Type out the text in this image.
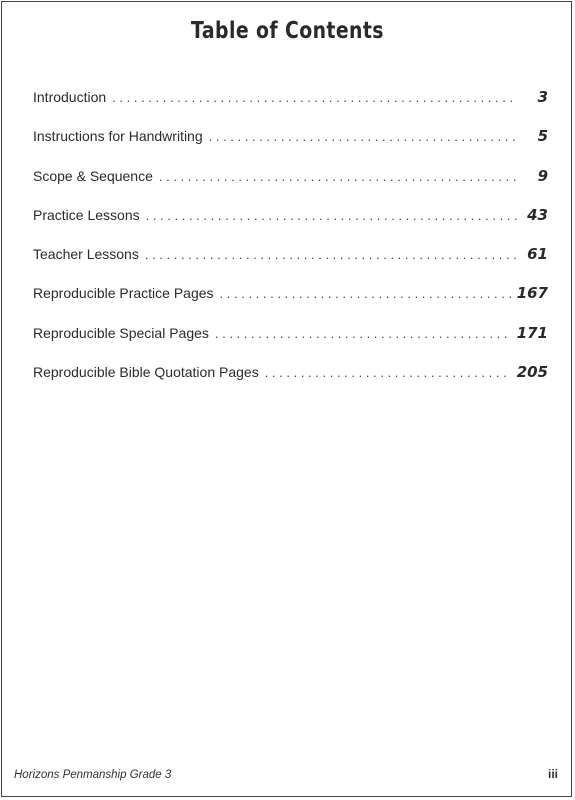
Table of Contents
Introduction . . .	3
Instructions for Handwriting . . .	5
Scope & Sequence . . .	9
Practice Lessons . . .	43
Teacher Lessons . . .	61
Reproducible Practice Pages . . .	167
Reproducible Special Pages . . .	171
Reproducible Bible Quotation Pages . . .	205
Horizons Penmanship Grade 3	iii
